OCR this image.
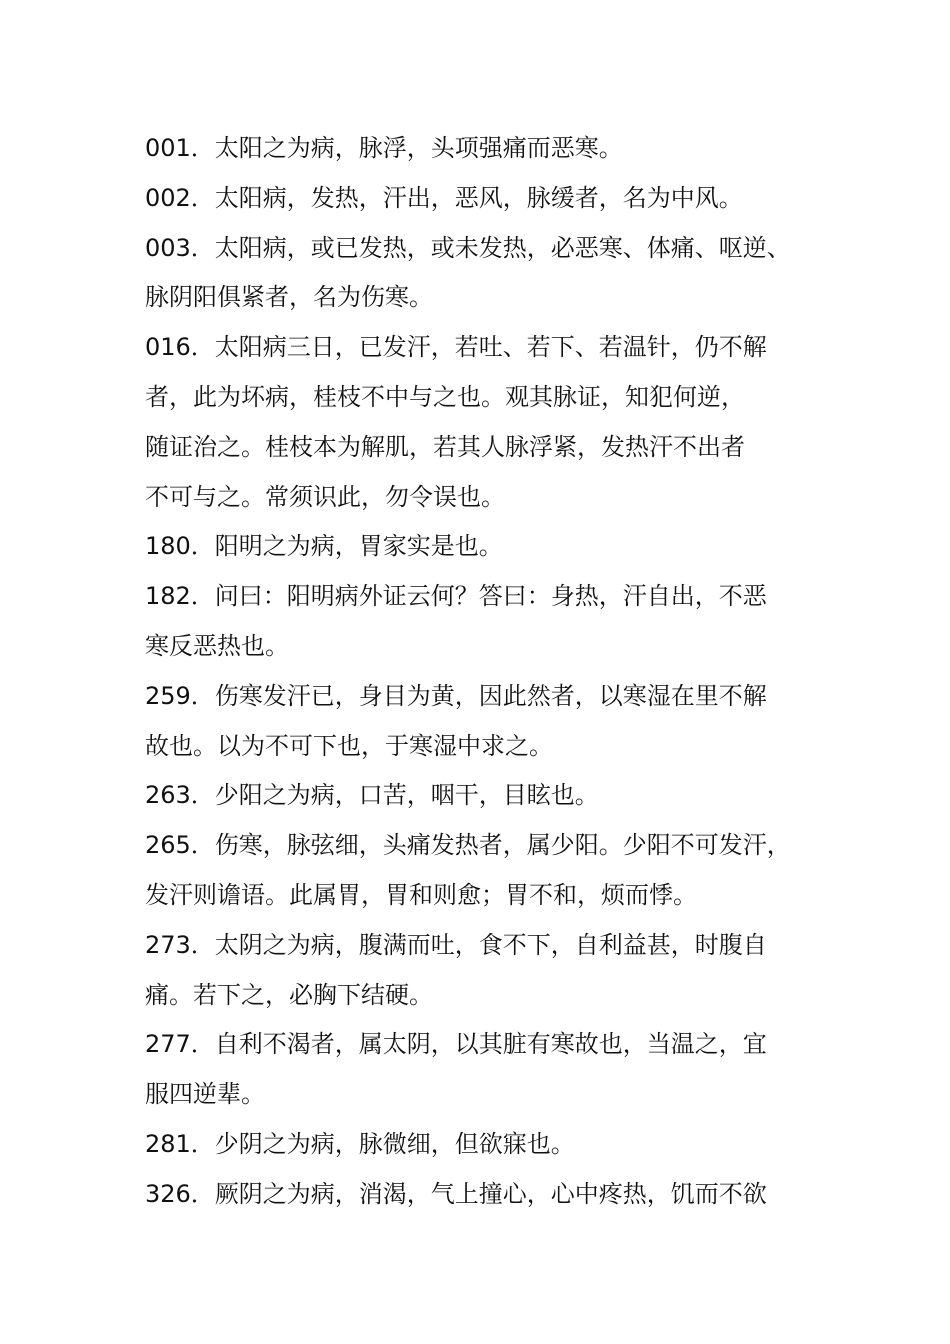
001．太阳之为病，脉浮，头项强痛而恶寒。
002．太阳病，发热，汗出，恶风，脉缓者，名为中风。
003．太阳病，或已发热，或未发热，必恶寒、体痛、呕逆、
脉阴阳俱紧者，名为伤寒。
016．太阳病三日，已发汗，若吐、若下、若温针，仍不解
者，此为坏病，桂枝不中与之也。观其脉证，知犯何逆，
随证治之。桂枝本为解肌，若其人脉浮紧，发热汗不出者
不可与之。常须识此，勿令误也。
180．阳明之为病，胃家实是也。
182．问曰：阳明病外证云何？答曰：身热，汗自出，不恶
寒反恶热也。
259．伤寒发汗已，身目为黄，因此然者，以寒湿在里不解
故也。以为不可下也，于寒湿中求之。
263．少阳之为病，口苦，咽干，目眩也。
265．伤寒，脉弦细，头痛发热者，属少阳。少阳不可发汗，
发汗则谵语。此属胃，胃和则愈；胃不和，烦而悸。
273．太阴之为病，腹满而吐，食不下，自利益甚，时腹自
痛。若下之，必胸下结硬。
277．自利不渴者，属太阴，以其脏有寒故也，当温之，宜
服四逆辈。
281．少阴之为病，脉微细，但欲寐也。
326．厥阴之为病，消渴，气上撞心，心中疼热，饥而不欲
